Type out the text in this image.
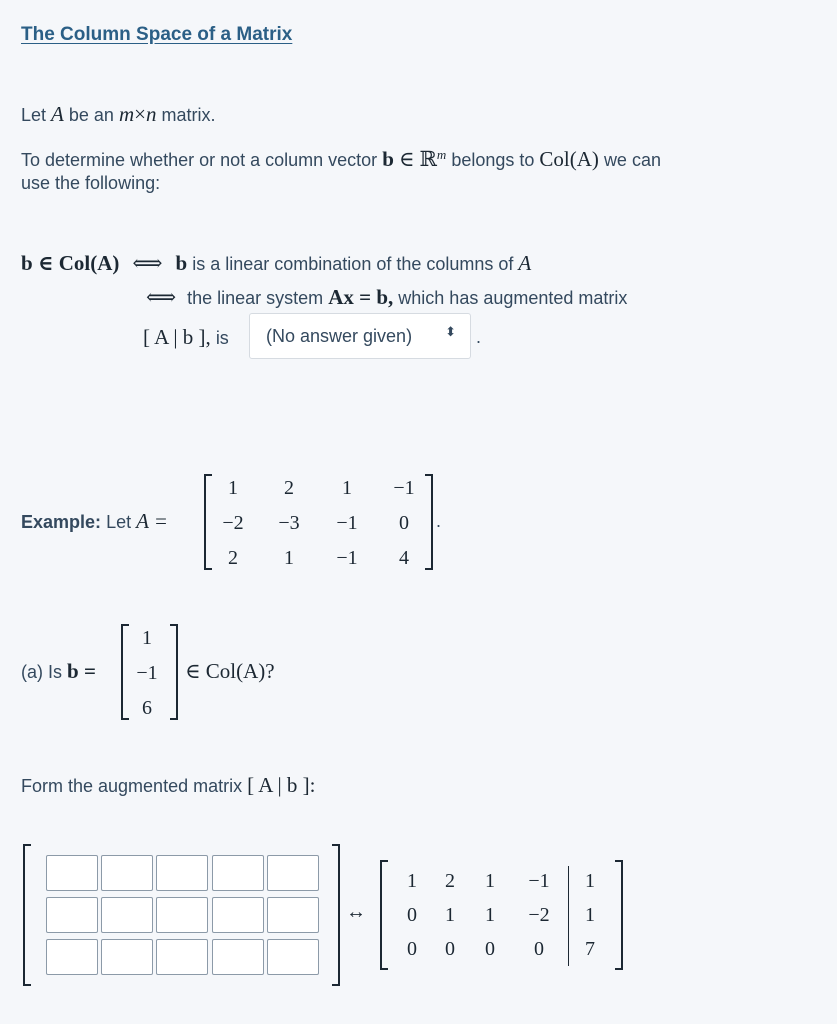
The Column Space of a Matrix
Let A be an m×n matrix.
To determine whether or not a column vector b ∈ ℝ$^m$ belongs to Col(A) we can
use the following:
b ∈ Col(A) ⟺ b is a linear combination of the columns of A
⟺ the linear system Ax = b, which has augmented matrix
[ A | b ], is	(No answer given)	⬍ .
Example: Let A =
1	2	1	−1
−2	−3	−1	0
2	1	−1	4
.
(a) Is b =
1
−1
6
∈ Col(A)?
Form the augmented matrix [ A | b ]:
↔
1	2	1	−1	1
0	1	1	−2	1
0	0	0	0	7
